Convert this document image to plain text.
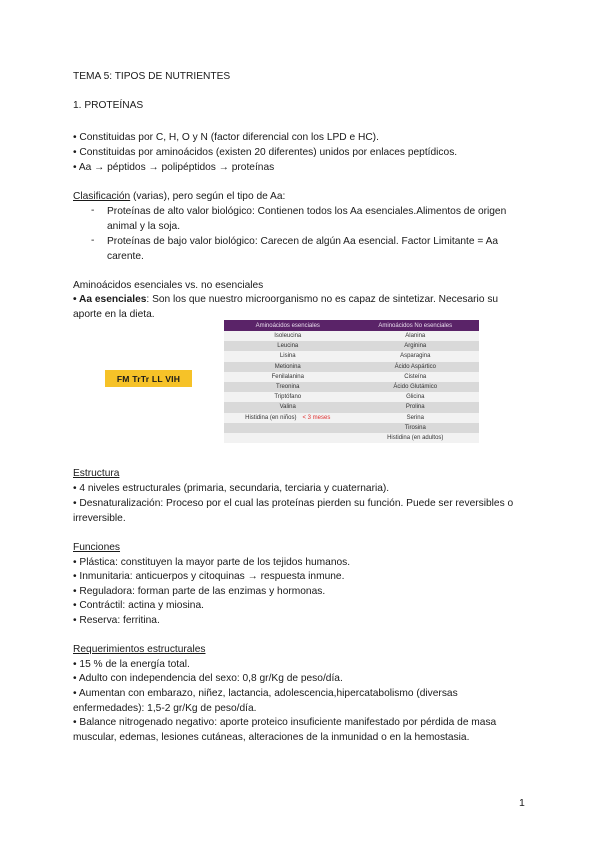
TEMA 5: TIPOS DE NUTRIENTES
1. PROTEÍNAS
• Constituidas por C, H, O y N (factor diferencial con los LPD e HC).
• Constituidas por aminoácidos (existen 20 diferentes) unidos por enlaces peptídicos.
• Aa → péptidos → polipéptidos → proteínas
Clasificación (varias), pero según el tipo de Aa:
- Proteínas de alto valor biológico: Contienen todos los Aa esenciales.Alimentos de origen animal y la soja.
- Proteínas de bajo valor biológico: Carecen de algún Aa esencial. Factor Limitante = Aa carente.
Aminoácidos esenciales vs. no esenciales
• Aa esenciales: Son los que nuestro microorganismo no es capaz de sintetizar. Necesario su aporte en la dieta.
FM TrTr LL VIH
Aminoácidos esenciales	Aminoácidos No esenciales
Isoleucina	Alanina
Leucina	Arginina
Lisina	Asparagina
Metionina	Ácido Aspártico
Fenilalanina	Cisteína
Treonina	Ácido Glutámico
Triptófano	Glicina
Valina	Prolina
Histidina (en niños) < 3 meses	Serina
	Tirosina
	Histidina (en adultos)
Estructura
• 4 niveles estructurales (primaria, secundaria, terciaria y cuaternaria).
• Desnaturalización: Proceso por el cual las proteínas pierden su función. Puede ser reversibles o irreversible.
Funciones
• Plástica: constituyen la mayor parte de los tejidos humanos.
• Inmunitaria: anticuerpos y citoquinas → respuesta inmune.
• Reguladora: forman parte de las enzimas y hormonas.
• Contráctil: actina y miosina.
• Reserva: ferritina.
Requerimientos estructurales
• 15 % de la energía total.
• Adulto con independencia del sexo: 0,8 gr/Kg de peso/día.
• Aumentan con embarazo, niñez, lactancia, adolescencia,hipercatabolismo (diversas enfermedades): 1,5-2 gr/Kg de peso/día.
• Balance nitrogenado negativo: aporte proteico insuficiente manifestado por pérdida de masa muscular, edemas, lesiones cutáneas, alteraciones de la inmunidad o en la hemostasia.
1
